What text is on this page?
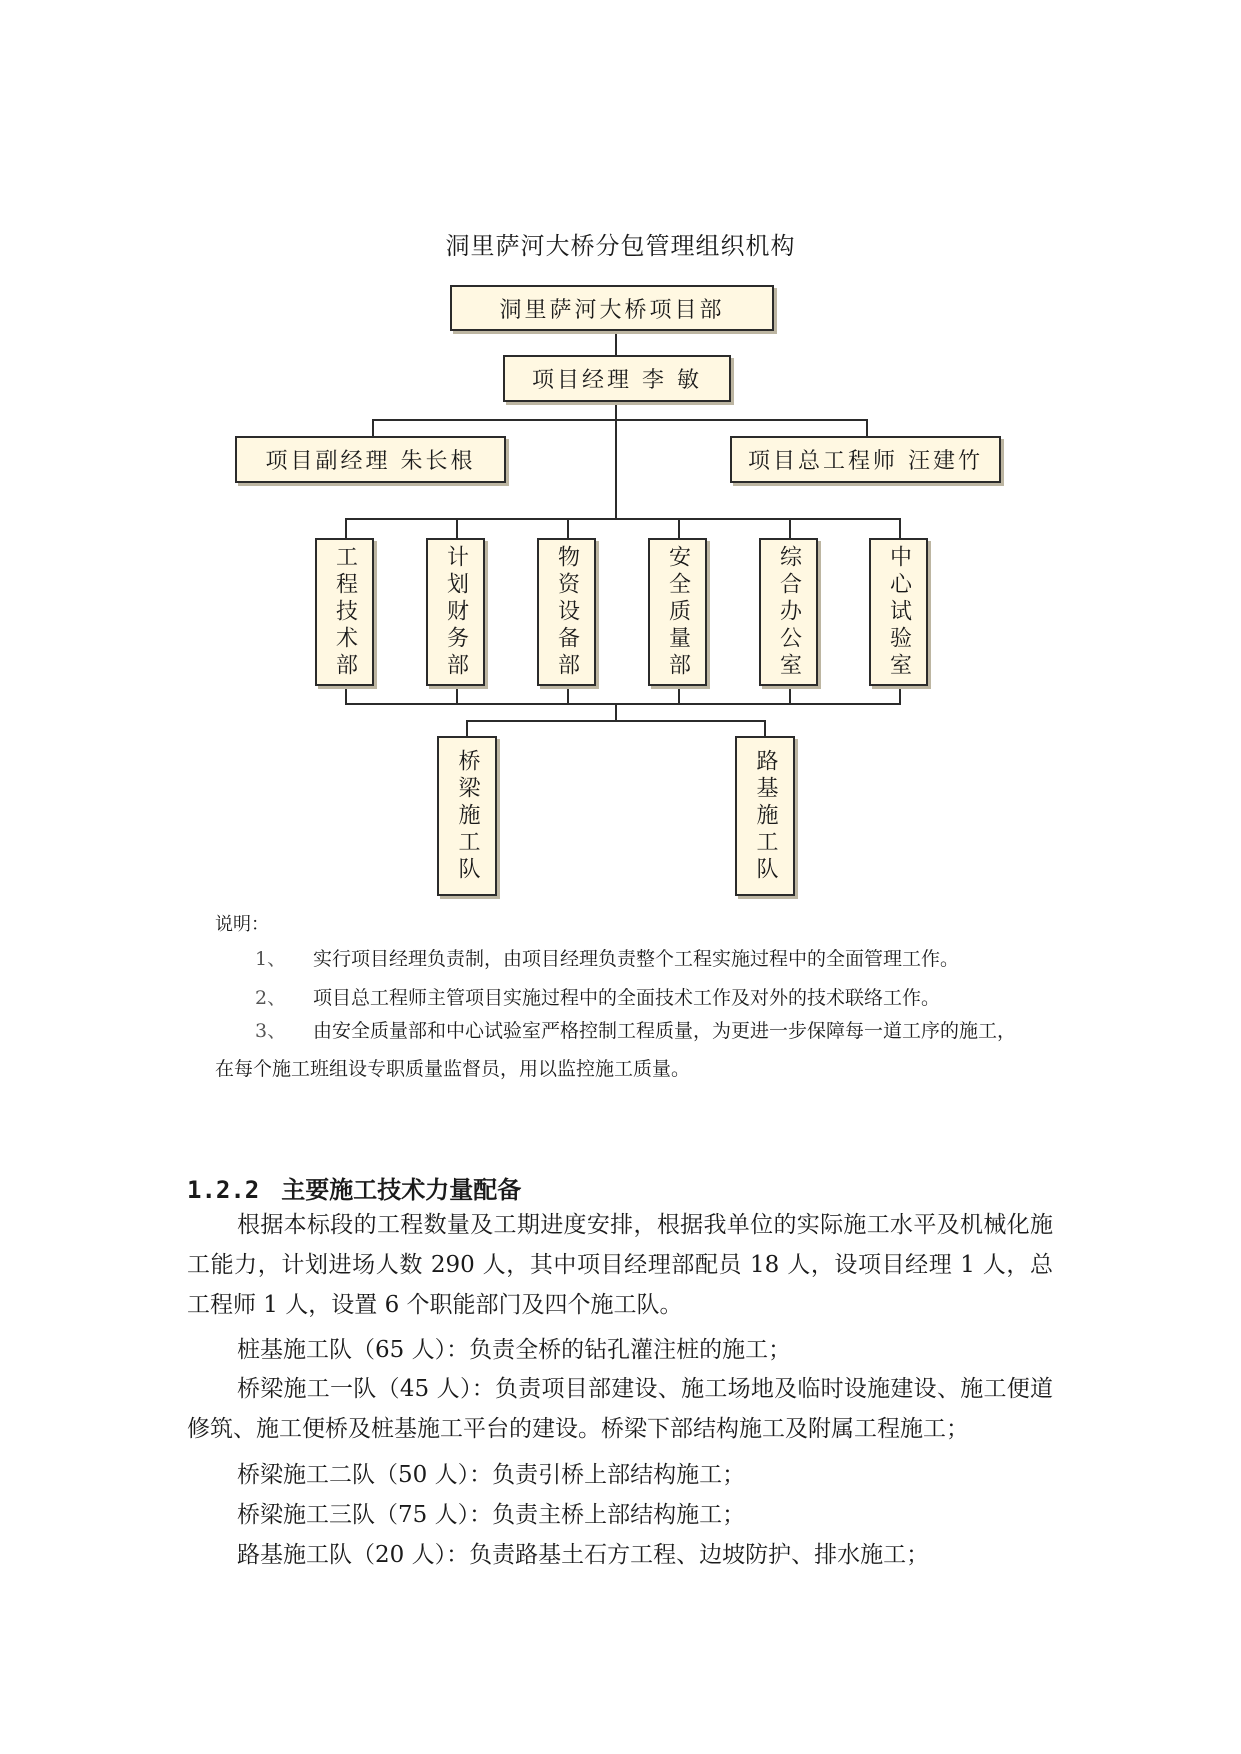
洞里萨河大桥分包管理组织机构
洞里萨河大桥项目部
项目经理 李 敏
项目副经理 朱长根	项目总工程师 汪建竹
工程技术部	计划财务部	物资设备部	安全质量部	综合办公室	中心试验室
桥梁施工队	路基施工队
说明：
1、 实行项目经理负责制，由项目经理负责整个工程实施过程中的全面管理工作。
2、 项目总工程师主管项目实施过程中的全面技术工作及对外的技术联络工作。
3、 由安全质量部和中心试验室严格控制工程质量，为更进一步保障每一道工序的施工，在每个施工班组设专职质量监督员，用以监控施工质量。
1.2.2 主要施工技术力量配备
根据本标段的工程数量及工期进度安排，根据我单位的实际施工水平及机械化施工能力，计划进场人数 290 人，其中项目经理部配员 18 人，设项目经理 1 人，总工程师 1 人，设置 6 个职能部门及四个施工队。
桩基施工队（65 人）：负责全桥的钻孔灌注桩的施工；
桥梁施工一队（45 人）：负责项目部建设、施工场地及临时设施建设、施工便道修筑、施工便桥及桩基施工平台的建设。桥梁下部结构施工及附属工程施工；
桥梁施工二队（50 人）：负责引桥上部结构施工；
桥梁施工三队（75 人）：负责主桥上部结构施工；
路基施工队（20 人）：负责路基土石方工程、边坡防护、排水施工；
